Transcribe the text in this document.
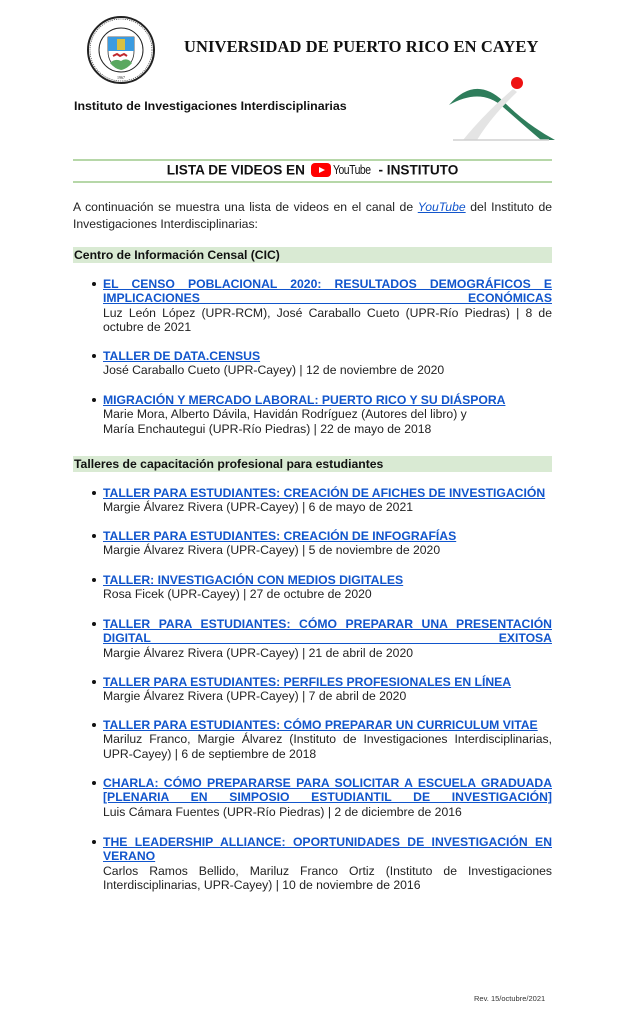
1967
UNIVERSIDAD DE PUERTO RICO EN CAYEY
Instituto de Investigaciones Interdisciplinarias
LISTA DE VIDEOS EN YouTube - INSTITUTO
A continuación se muestra una lista de videos en el canal de YouTube del Instituto de Investigaciones Interdisciplinarias:
Centro de Información Censal (CIC)
EL CENSO POBLACIONAL 2020: RESULTADOS DEMOGRÁFICOS E IMPLICACIONES ECONÓMICAS
Luz León López (UPR-RCM), José Caraballo Cueto (UPR-Río Piedras) | 8 de octubre de 2021
TALLER DE DATA.CENSUS
José Caraballo Cueto (UPR-Cayey) | 12 de noviembre de 2020
MIGRACIÓN Y MERCADO LABORAL: PUERTO RICO Y SU DIÁSPORA
Marie Mora, Alberto Dávila, Havidán Rodríguez (Autores del libro) y
María Enchautegui (UPR-Río Piedras) | 22 de mayo de 2018
Talleres de capacitación profesional para estudiantes
TALLER PARA ESTUDIANTES: CREACIÓN DE AFICHES DE INVESTIGACIÓN
Margie Álvarez Rivera (UPR-Cayey) | 6 de mayo de 2021
TALLER PARA ESTUDIANTES: CREACIÓN DE INFOGRAFÍAS
Margie Álvarez Rivera (UPR-Cayey) | 5 de noviembre de 2020
TALLER: INVESTIGACIÓN CON MEDIOS DIGITALES
Rosa Ficek (UPR-Cayey) | 27 de octubre de 2020
TALLER PARA ESTUDIANTES: CÓMO PREPARAR UNA PRESENTACIÓN DIGITAL EXITOSA
Margie Álvarez Rivera (UPR-Cayey) | 21 de abril de 2020
TALLER PARA ESTUDIANTES: PERFILES PROFESIONALES EN LÍNEA
Margie Álvarez Rivera (UPR-Cayey) | 7 de abril de 2020
TALLER PARA ESTUDIANTES: CÓMO PREPARAR UN CURRICULUM VITAE
Mariluz Franco, Margie Álvarez (Instituto de Investigaciones Interdisciplinarias, UPR-Cayey) | 6 de septiembre de 2018
CHARLA: CÓMO PREPARARSE PARA SOLICITAR A ESCUELA GRADUADA [PLENARIA EN SIMPOSIO ESTUDIANTIL DE INVESTIGACIÓN]
Luis Cámara Fuentes (UPR-Río Piedras) | 2 de diciembre de 2016
THE LEADERSHIP ALLIANCE: OPORTUNIDADES DE INVESTIGACIÓN EN VERANO
Carlos Ramos Bellido, Mariluz Franco Ortiz (Instituto de Investigaciones Interdisciplinarias, UPR-Cayey) | 10 de noviembre de 2016
Rev. 15/octubre/2021
